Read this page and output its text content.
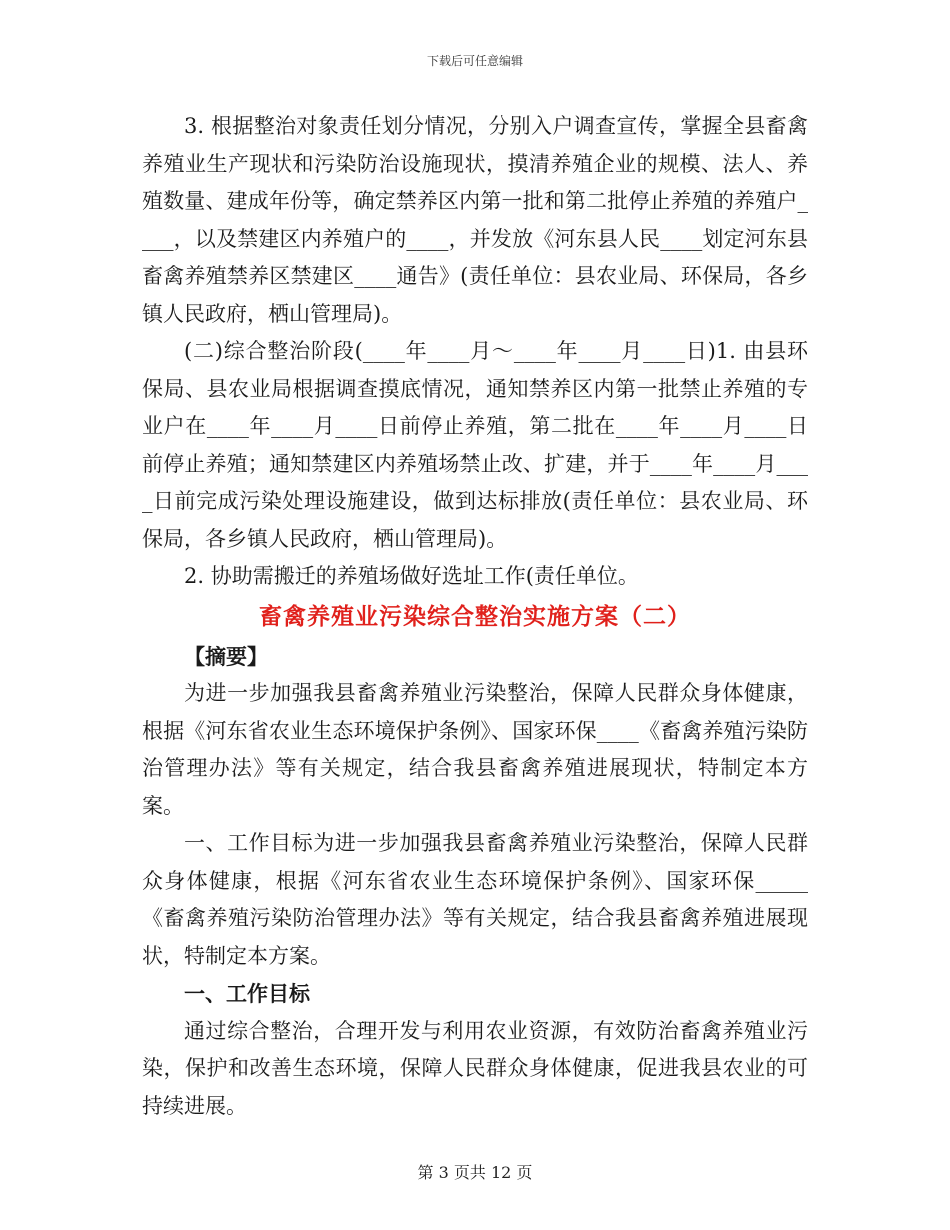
下载后可任意编辑

3. 根据整治对象责任划分情况，分别入户调查宣传，掌握全县畜禽养殖业生产现状和污染防治设施现状，摸清养殖企业的规模、法人、养殖数量、建成年份等，确定禁养区内第一批和第二批停止养殖的养殖户____，以及禁建区内养殖户的____，并发放《河东县人民____划定河东县畜禽养殖禁养区禁建区____通告》(责任单位：县农业局、环保局，各乡镇人民政府，栖山管理局)。

(二)综合整治阶段(____年____月～____年____月____日)1. 由县环保局、县农业局根据调查摸底情况，通知禁养区内第一批禁止养殖的专业户在____年____月____日前停止养殖，第二批在____年____月____日前停止养殖；通知禁建区内养殖场禁止改、扩建，并于____年____月____日前完成污染处理设施建设，做到达标排放(责任单位：县农业局、环保局，各乡镇人民政府，栖山管理局)。

2. 协助需搬迁的养殖场做好选址工作(责任单位。

畜禽养殖业污染综合整治实施方案（二）

【摘要】

为进一步加强我县畜禽养殖业污染整治，保障人民群众身体健康，根据《河东省农业生态环境保护条例》、国家环保____《畜禽养殖污染防治管理办法》等有关规定，结合我县畜禽养殖进展现状，特制定本方案。

一、工作目标为进一步加强我县畜禽养殖业污染整治，保障人民群众身体健康，根据《河东省农业生态环境保护条例》、国家环保_____《畜禽养殖污染防治管理办法》等有关规定，结合我县畜禽养殖进展现状，特制定本方案。

一、工作目标

通过综合整治，合理开发与利用农业资源，有效防治畜禽养殖业污染，保护和改善生态环境，保障人民群众身体健康，促进我县农业的可持续进展。

第 3 页共 12 页
